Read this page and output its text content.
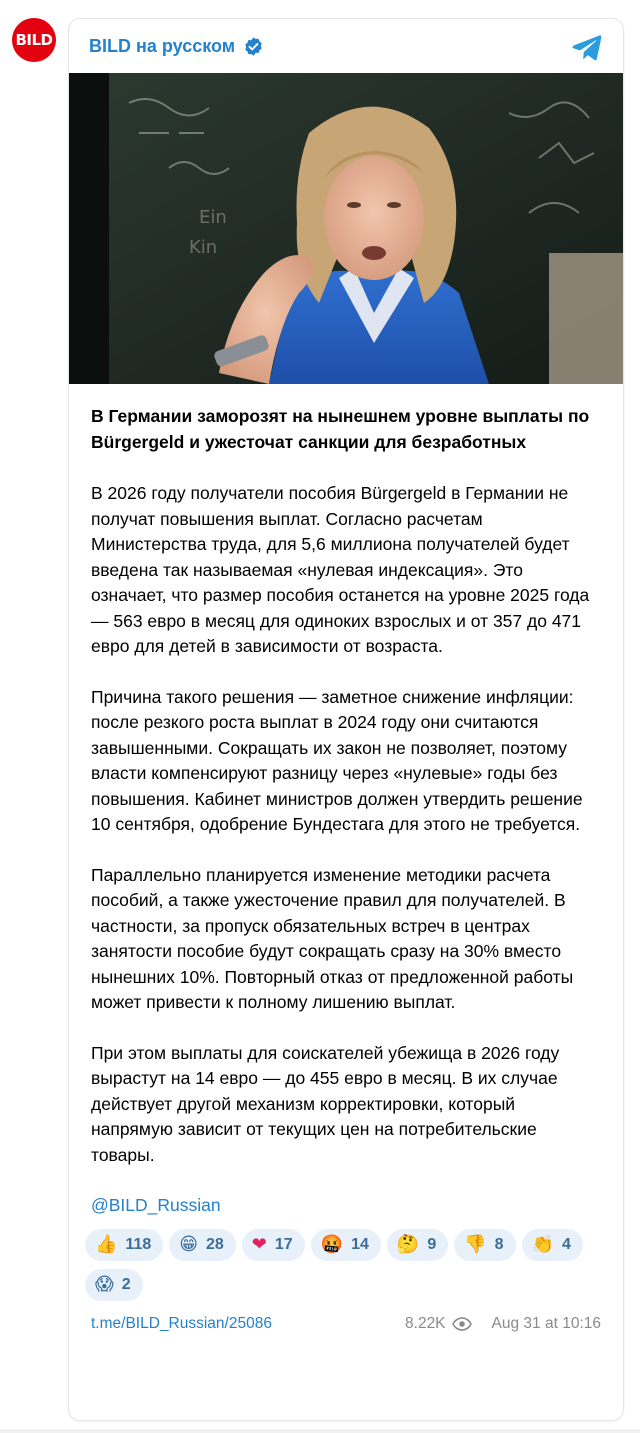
BILD BILD на русском
Ein
Kin

В Германии заморозят на нынешнем уровне выплаты по Bürgergeld и ужесточат санкции для безработных

В 2026 году получатели пособия Bürgergeld в Германии не получат повышения выплат. Согласно расчетам Министерства труда, для 5,6 миллиона получателей будет введена так называемая «нулевая индексация». Это означает, что размер пособия останется на уровне 2025 года — 563 евро в месяц для одиноких взрослых и от 357 до 471 евро для детей в зависимости от возраста.

Причина такого решения — заметное снижение инфляции: после резкого роста выплат в 2024 году они считаются завышенными. Сокращать их закон не позволяет, поэтому власти компенсируют разницу через «нулевые» годы без повышения. Кабинет министров должен утвердить решение 10 сентября, одобрение Бундестага для этого не требуется.

Параллельно планируется изменение методики расчета пособий, а также ужесточение правил для получателей. В частности, за пропуск обязательных встреч в центрах занятости пособие будут сокращать сразу на 30% вместо нынешних 10%. Повторный отказ от предложенной работы может привести к полному лишению выплат.

При этом выплаты для соискателей убежища в 2026 году вырастут на 14 евро — до 455 евро в месяц. В их случае действует другой механизм корректировки, который напрямую зависит от текущих цен на потребительские товары.

@BILD_Russian
👍 118 😁 28 ❤ 17 🤬 14 🤔 9 👎 8 👏 4
😱 2
t.me/BILD_Russian/25086	8.22K	Aug 31 at 10:16
